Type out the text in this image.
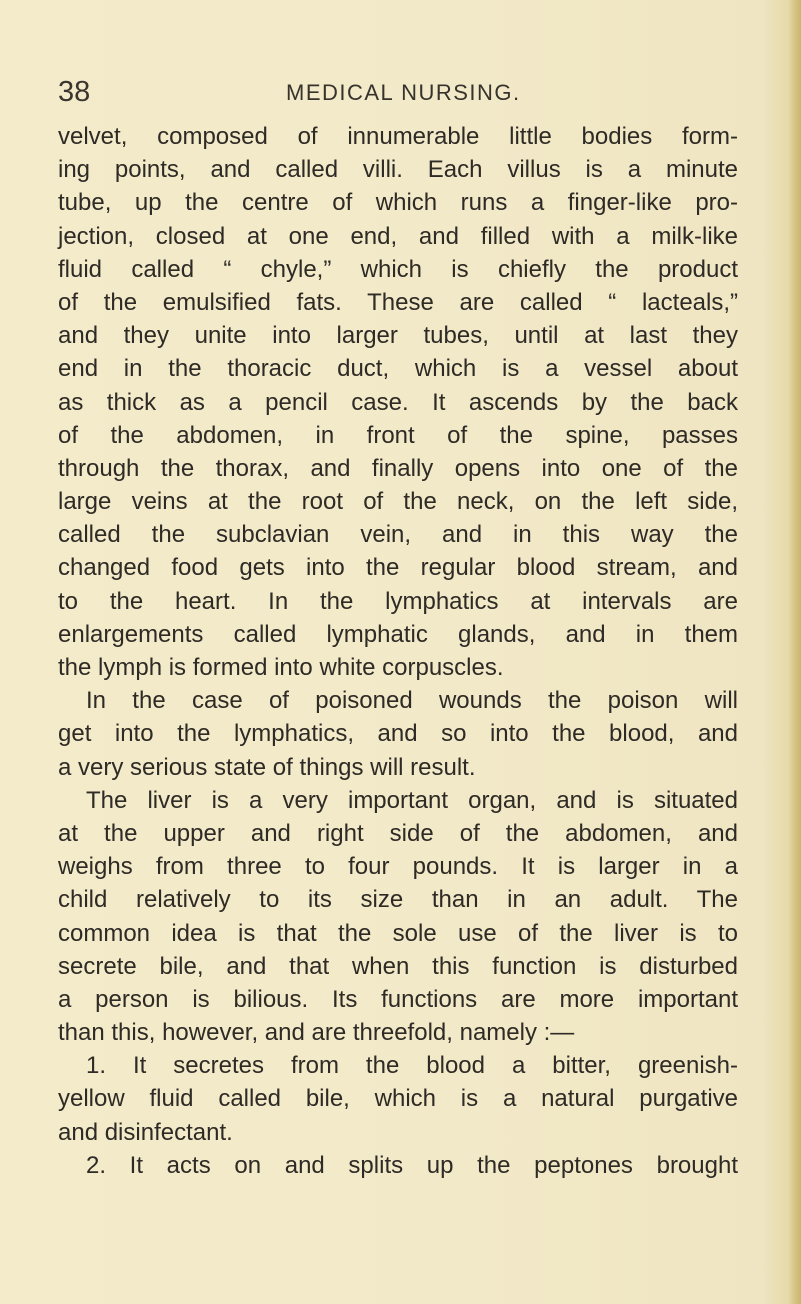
38	MEDICAL NURSING.
velvet, composed of innumerable little bodies form-
ing points, and called villi. Each villus is a minute
tube, up the centre of which runs a finger-like pro-
jection, closed at one end, and filled with a milk-like
fluid called “ chyle,” which is chiefly the product
of the emulsified fats. These are called “ lacteals,”
and they unite into larger tubes, until at last they
end in the thoracic duct, which is a vessel about
as thick as a pencil case. It ascends by the back
of the abdomen, in front of the spine, passes
through the thorax, and finally opens into one of the
large veins at the root of the neck, on the left side,
called the subclavian vein, and in this way the
changed food gets into the regular blood stream, and
to the heart. In the lymphatics at intervals are
enlargements called lymphatic glands, and in them
the lymph is formed into white corpuscles.
In the case of poisoned wounds the poison will
get into the lymphatics, and so into the blood, and
a very serious state of things will result.
The liver is a very important organ, and is situated
at the upper and right side of the abdomen, and
weighs from three to four pounds. It is larger in a
child relatively to its size than in an adult. The
common idea is that the sole use of the liver is to
secrete bile, and that when this function is disturbed
a person is bilious. Its functions are more important
than this, however, and are threefold, namely :—
1. It secretes from the blood a bitter, greenish-
yellow fluid called bile, which is a natural purgative
and disinfectant.
2. It acts on and splits up the peptones brought
